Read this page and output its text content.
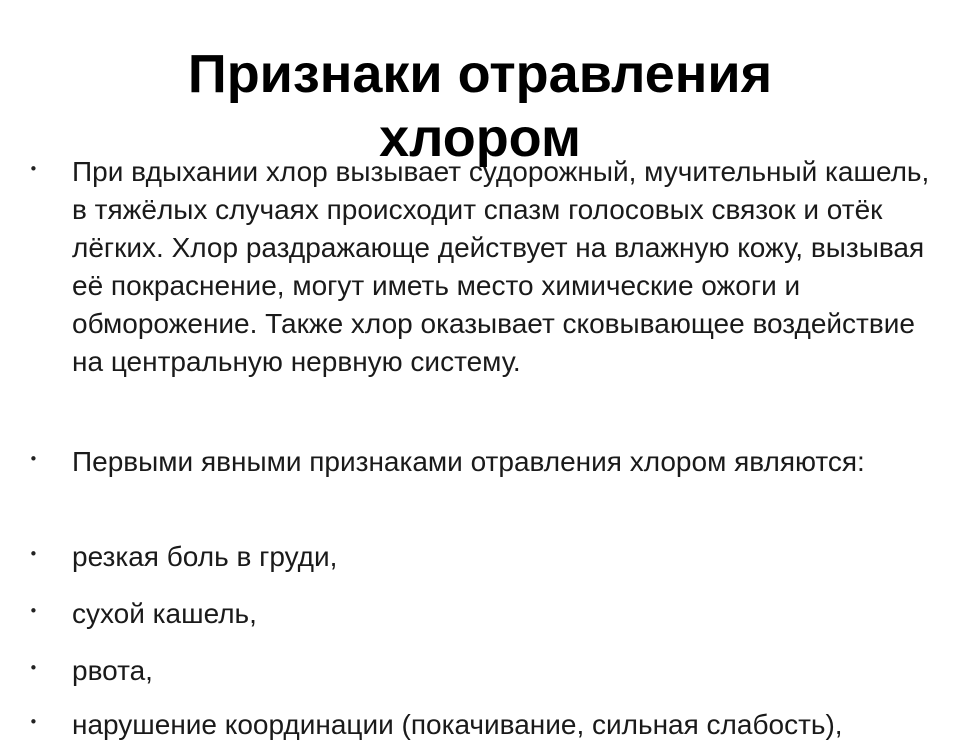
• При вдыхании хлор вызывает судорожный, мучительный кашель, в тяжёлых случаях происходит спазм голосовых связок и отёк лёгких. Хлор раздражающе действует на влажную кожу, вызывая её покраснение, могут иметь место химические ожоги и обморожение. Также хлор оказывает сковывающее воздействие на центральную нервную систему.

• Первыми явными признаками отравления хлором являются:

• резкая боль в груди,

• сухой кашель,

• рвота,

• нарушение координации (покачивание, сильная слабость),

Признаки отравления хлором
